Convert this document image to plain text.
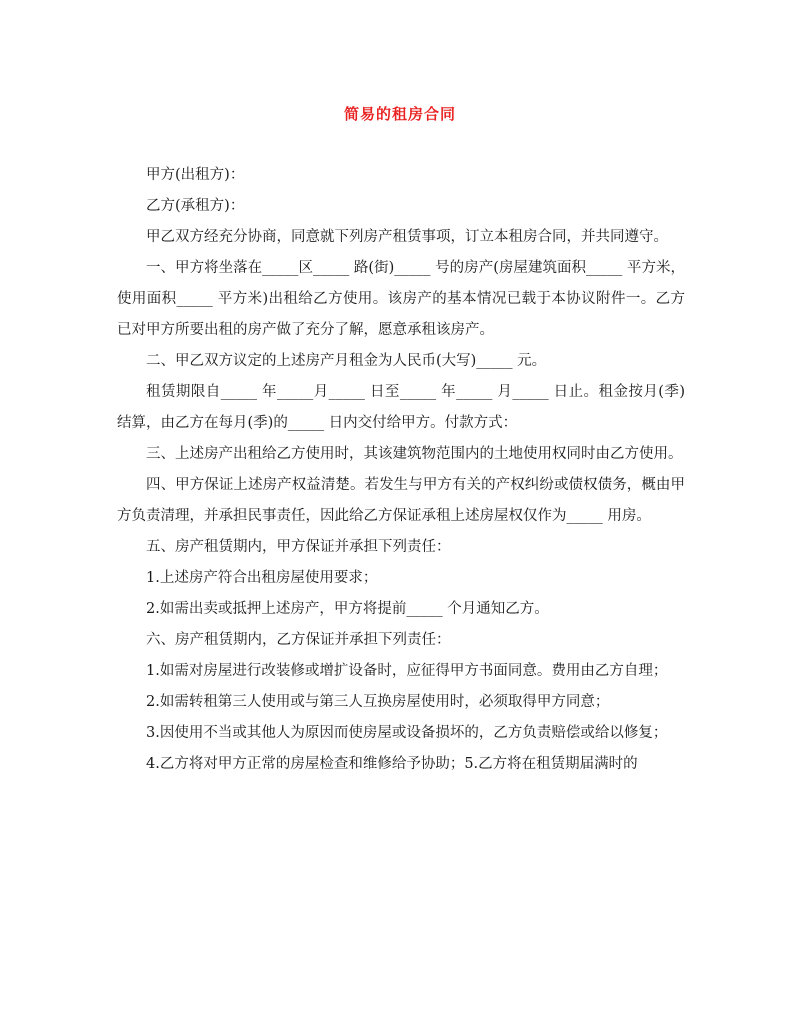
简易的租房合同

甲方(出租方)：

乙方(承租方)：

甲乙双方经充分协商，同意就下列房产租赁事项，订立本租房合同，并共同遵守。

一、甲方将坐落在_____区_____ 路(街)_____ 号的房产(房屋建筑面积_____ 平方米，使用面积_____ 平方米)出租给乙方使用。该房产的基本情况已载于本协议附件一。乙方已对甲方所要出租的房产做了充分了解，愿意承租该房产。

二、甲乙双方议定的上述房产月租金为人民币(大写)_____ 元。

租赁期限自_____ 年_____月_____ 日至_____ 年_____ 月_____ 日止。租金按月(季)结算，由乙方在每月(季)的_____ 日内交付给甲方。付款方式：

三、上述房产出租给乙方使用时，其该建筑物范围内的土地使用权同时由乙方使用。

四、甲方保证上述房产权益清楚。若发生与甲方有关的产权纠纷或债权债务，概由甲方负责清理，并承担民事责任，因此给乙方保证承租上述房屋权仅作为_____ 用房。

五、房产租赁期内，甲方保证并承担下列责任：

1.上述房产符合出租房屋使用要求；

2.如需出卖或抵押上述房产，甲方将提前_____ 个月通知乙方。

六、房产租赁期内，乙方保证并承担下列责任：

1.如需对房屋进行改装修或增扩设备时，应征得甲方书面同意。费用由乙方自理；

2.如需转租第三人使用或与第三人互换房屋使用时，必须取得甲方同意；

3.因使用不当或其他人为原因而使房屋或设备损坏的，乙方负责赔偿或给以修复；

4.乙方将对甲方正常的房屋检查和维修给予协助；5.乙方将在租赁期届满时的
